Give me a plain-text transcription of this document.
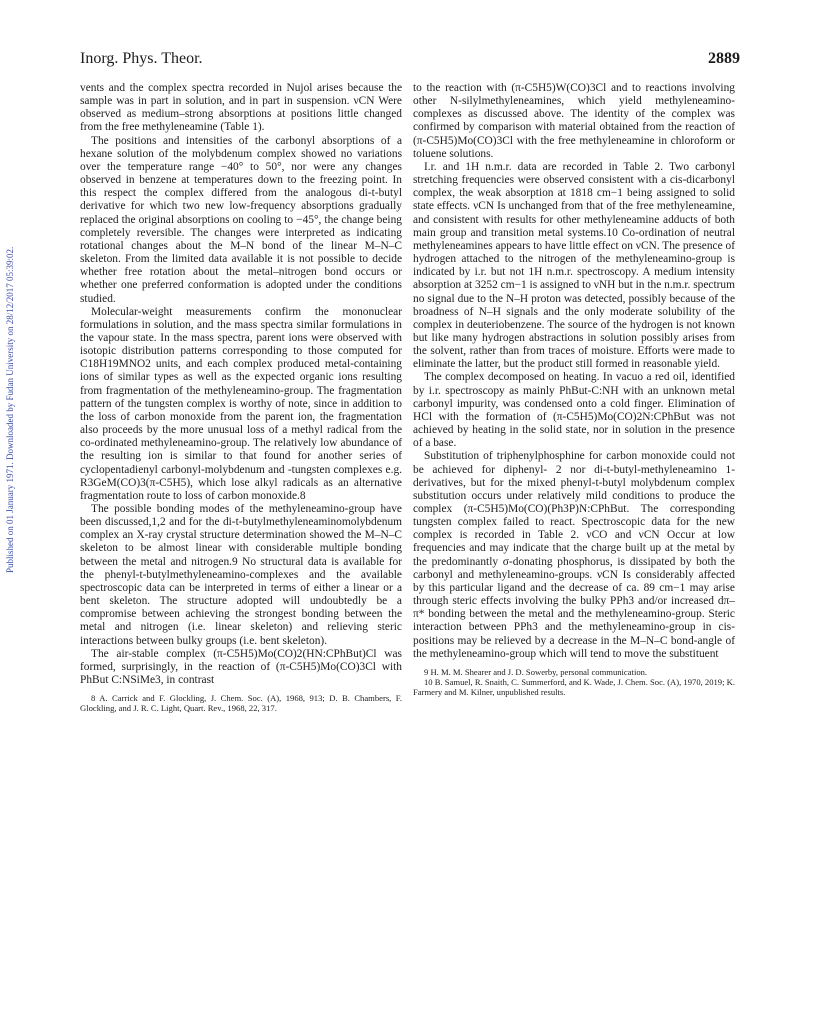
Inorg. Phys. Theor.	2889
Published on 01 January 1971. Downloaded by Fudan University on 28/12/2017 05:39:02.

vents and the complex spectra recorded in Nujol arises because the sample was in part in solution, and in part in suspension. νCN Were observed as medium–strong absorptions at positions little changed from the free methyleneamine (Table 1).

The positions and intensities of the carbonyl absorptions of a hexane solution of the molybdenum complex showed no variations over the temperature range −40° to 50°, nor were any changes observed in benzene at temperatures down to the freezing point. In this respect the complex differed from the analogous di-t-butyl derivative for which two new low-frequency absorptions gradually replaced the original absorptions on cooling to −45°, the change being completely reversible. The changes were interpreted as indicating rotational changes about the M–N bond of the linear M–N–C skeleton. From the limited data available it is not possible to decide whether free rotation about the metal–nitrogen bond occurs or whether one preferred conformation is adopted under the conditions studied.

Molecular-weight measurements confirm the mononuclear formulations in solution, and the mass spectra similar formulations in the vapour state. In the mass spectra, parent ions were observed with isotopic distribution patterns corresponding to those computed for C18H19MNO2 units, and each complex produced metal-containing ions of similar types as well as the expected organic ions resulting from fragmentation of the methyleneamino-group. The fragmentation pattern of the tungsten complex is worthy of note, since in addition to the loss of carbon monoxide from the parent ion, the fragmentation also proceeds by the more unusual loss of a methyl radical from the co-ordinated methyleneamino-group. The relatively low abundance of the resulting ion is similar to that found for another series of cyclopentadienyl carbonyl-molybdenum and -tungsten complexes e.g. R3GeM(CO)3(π-C5H5), which lose alkyl radicals as an alternative fragmentation route to loss of carbon monoxide.8

The possible bonding modes of the methyleneamino-group have been discussed,1,2 and for the di-t-butylmethyleneaminomolybdenum complex an X-ray crystal structure determination showed the M–N–C skeleton to be almost linear with considerable multiple bonding between the metal and nitrogen.9 No structural data is available for the phenyl-t-butylmethyleneamino-complexes and the available spectroscopic data can be interpreted in terms of either a linear or a bent skeleton. The structure adopted will undoubtedly be a compromise between achieving the strongest bonding between the metal and nitrogen (i.e. linear skeleton) and relieving steric interactions between bulky groups (i.e. bent skeleton).

The air-stable complex (π-C5H5)Mo(CO)2(HN:CPhBut)Cl was formed, surprisingly, in the reaction of (π-C5H5)Mo(CO)3Cl with PhBut C:NSiMe3, in contrast

8 A. Carrick and F. Glockling, J. Chem. Soc. (A), 1968, 913; D. B. Chambers, F. Glockling, and J. R. C. Light, Quart. Rev., 1968, 22, 317.

to the reaction with (π-C5H5)W(CO)3Cl and to reactions involving other N-silylmethyleneamines, which yield methyleneamino-complexes as discussed above. The identity of the complex was confirmed by comparison with material obtained from the reaction of (π-C5H5)Mo(CO)3Cl with the free methyleneamine in chloroform or toluene solutions.

I.r. and 1H n.m.r. data are recorded in Table 2. Two carbonyl stretching frequencies were observed consistent with a cis-dicarbonyl complex, the weak absorption at 1818 cm−1 being assigned to solid state effects. νCN Is unchanged from that of the free methyleneamine, and consistent with results for other methyleneamine adducts of both main group and transition metal systems.10 Co-ordination of neutral methyleneamines appears to have little effect on νCN. The presence of hydrogen attached to the nitrogen of the methyleneamino-group is indicated by i.r. but not 1H n.m.r. spectroscopy. A medium intensity absorption at 3252 cm−1 is assigned to νNH but in the n.m.r. spectrum no signal due to the N–H proton was detected, possibly because of the broadness of N–H signals and the only moderate solubility of the complex in deuteriobenzene. The source of the hydrogen is not known but like many hydrogen abstractions in solution possibly arises from the solvent, rather than from traces of moisture. Efforts were made to eliminate the latter, but the product still formed in reasonable yield.

The complex decomposed on heating. In vacuo a red oil, identified by i.r. spectroscopy as mainly PhBut-C:NH with an unknown metal carbonyl impurity, was condensed onto a cold finger. Elimination of HCl with the formation of (π-C5H5)Mo(CO)2N:CPhBut was not achieved by heating in the solid state, nor in solution in the presence of a base.

Substitution of triphenylphosphine for carbon monoxide could not be achieved for diphenyl- 2 nor di-t-butyl-methyleneamino 1-derivatives, but for the mixed phenyl-t-butyl molybdenum complex substitution occurs under relatively mild conditions to produce the complex (π-C5H5)Mo(CO)(Ph3P)N:CPhBut. The corresponding tungsten complex failed to react. Spectroscopic data for the new complex is recorded in Table 2. νCO and νCN Occur at low frequencies and may indicate that the charge built up at the metal by the predominantly σ-donating phosphorus, is dissipated by both the carbonyl and methyleneamino-groups. νCN Is considerably affected by this particular ligand and the decrease of ca. 89 cm−1 may arise through steric effects involving the bulky PPh3 and/or increased dπ–π* bonding between the metal and the methyleneamino-group. Steric interaction between PPh3 and the methyleneamino-group in cis-positions may be relieved by a decrease in the M–N–C bond-angle of the methyleneamino-group which will tend to move the substituent

9 H. M. M. Shearer and J. D. Sowerby, personal communication.

10 B. Samuel, R. Snaith, C. Summerford, and K. Wade, J. Chem. Soc. (A), 1970, 2019; K. Farmery and M. Kilner, unpublished results.
